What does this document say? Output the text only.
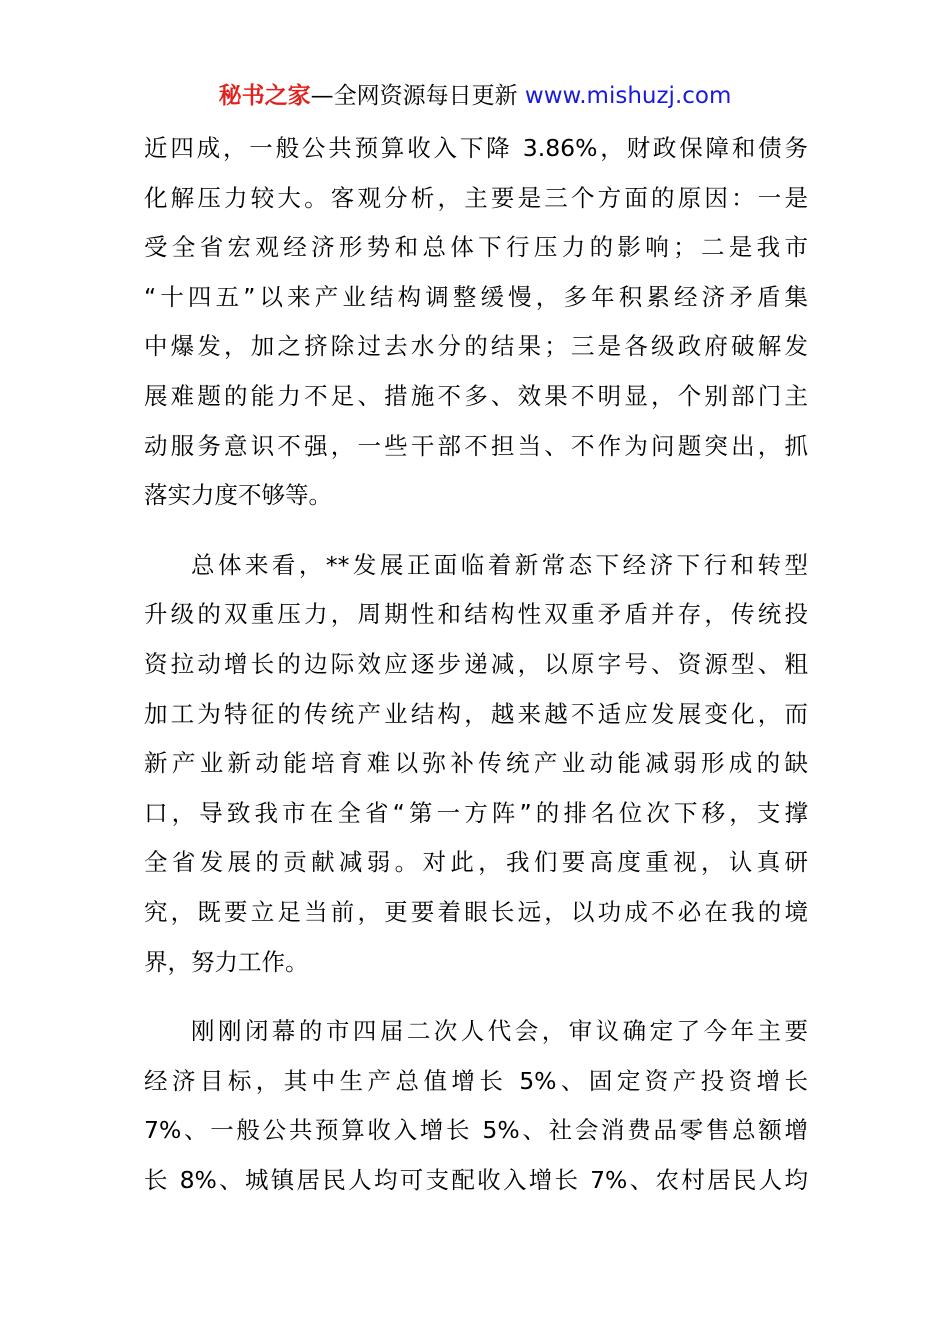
秘书之家—全网资源每日更新 www.mishuzj.com
近四成，一般公共预算收入下降 3.86%，财政保障和债务
化解压力较大。客观分析，主要是三个方面的原因：一是
受全省宏观经济形势和总体下行压力的影响；二是我市
“十四五”以来产业结构调整缓慢，多年积累经济矛盾集
中爆发，加之挤除过去水分的结果；三是各级政府破解发
展难题的能力不足、措施不多、效果不明显，个别部门主
动服务意识不强，一些干部不担当、不作为问题突出，抓
落实力度不够等。
总体来看，**发展正面临着新常态下经济下行和转型
升级的双重压力，周期性和结构性双重矛盾并存，传统投
资拉动增长的边际效应逐步递减，以原字号、资源型、粗
加工为特征的传统产业结构，越来越不适应发展变化，而
新产业新动能培育难以弥补传统产业动能减弱形成的缺
口，导致我市在全省“第一方阵”的排名位次下移，支撑
全省发展的贡献减弱。对此，我们要高度重视，认真研
究，既要立足当前，更要着眼长远，以功成不必在我的境
界，努力工作。
刚刚闭幕的市四届二次人代会，审议确定了今年主要
经济目标，其中生产总值增长 5%、固定资产投资增长
7%、一般公共预算收入增长 5%、社会消费品零售总额增
长 8%、城镇居民人均可支配收入增长 7%、农村居民人均
